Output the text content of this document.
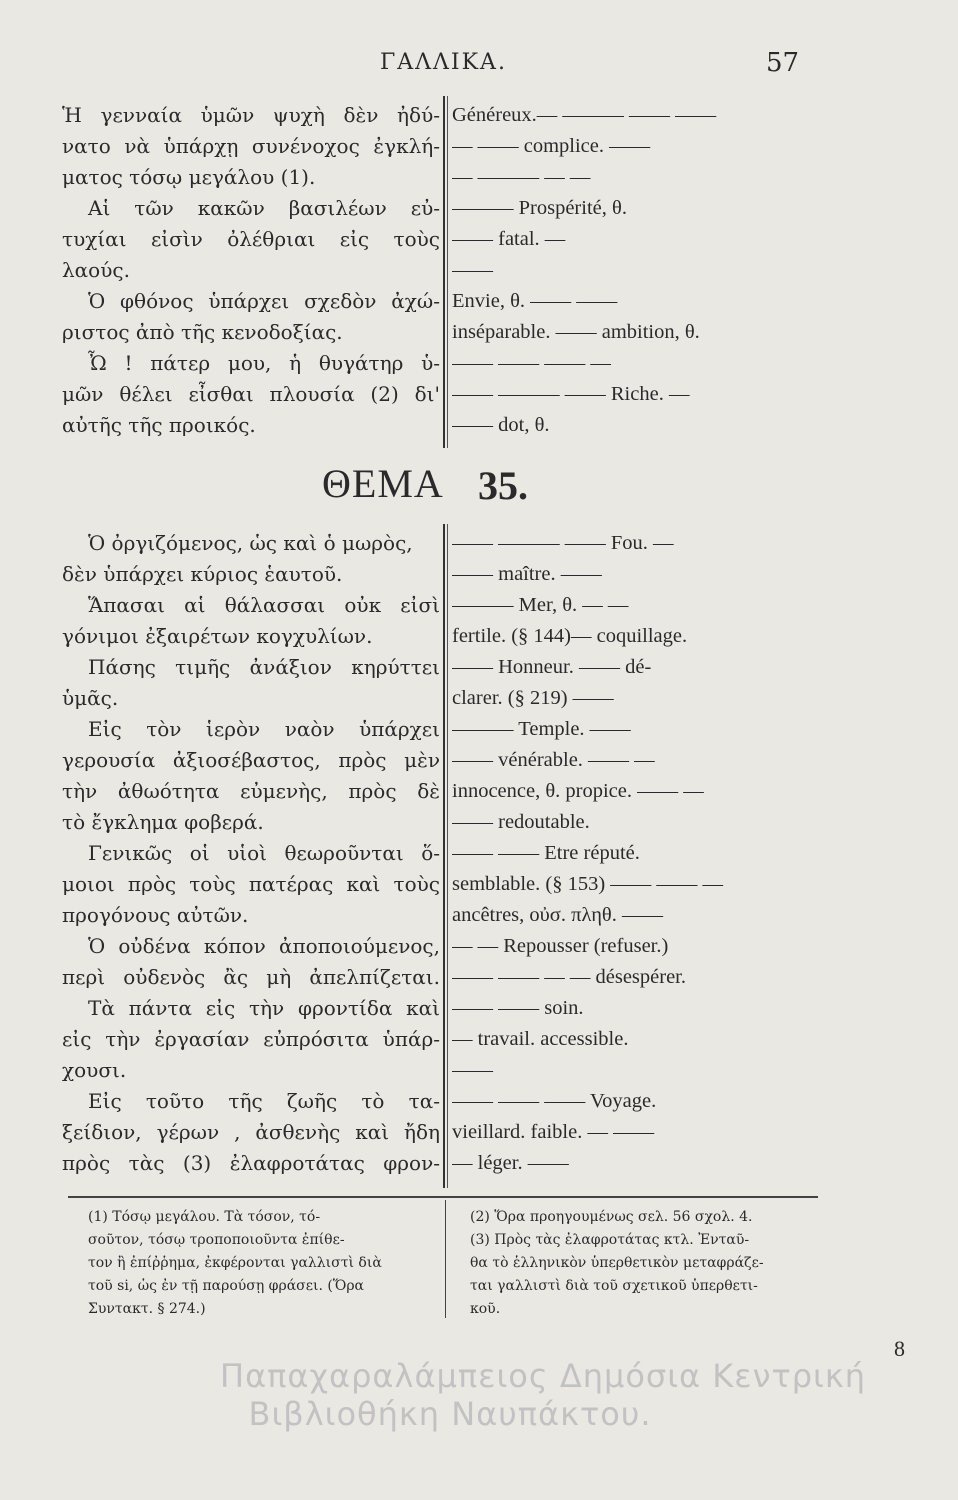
ΓΑΛΛΙΚΑ.	57
Ἡ γενναία ὑμῶν ψυχὴ δὲν ἠδύ-
νατο νὰ ὑπάρχῃ συνένοχος ἐγκλή-
ματος τόσῳ μεγάλου (1).
Αἱ τῶν κακῶν βασιλέων εὐ-
τυχίαι εἰσὶν ὀλέθριαι εἰς τοὺς
λαούς.
Ὁ φθόνος ὑπάρχει σχεδὸν ἀχώ-
ριστος ἀπὸ τῆς κενοδοξίας.
Ὦ ! πάτερ μου, ἡ θυγάτηρ ὑ-
μῶν θέλει εἶσθαι πλουσία (2) δι'
αὐτῆς τῆς προικός.
Généreux.— ——— —— ——
— —— complice. ——
— ——— — —
——— Prospérité, θ.
—— fatal. —
——
Envie, θ. —— ——
inséparable. —— ambition, θ.
—— —— —— —
—— ——— —— Riche. —
—— dot, θ.
ΘΕΜΑ 35.
Ὁ ὀργιζόμενος, ὡς καὶ ὁ μωρὸς,
δὲν ὑπάρχει κύριος ἑαυτοῦ.
Ἅπασαι αἱ θάλασσαι οὐκ εἰσὶ
γόνιμοι ἐξαιρέτων κογχυλίων.
Πάσης τιμῆς ἀνάξιον κηρύττει
ὑμᾶς.
Εἰς τὸν ἱερὸν ναὸν ὑπάρχει
γερουσία ἀξιοσέβαστος, πρὸς μὲν
τὴν ἀθωότητα εὐμενὴς, πρὸς δὲ
τὸ ἔγκλημα φοβερά.
Γενικῶς οἱ υἱοὶ θεωροῦνται ὅ-
μοιοι πρὸς τοὺς πατέρας καὶ τοὺς
προγόνους αὐτῶν.
Ὁ οὐδένα κόπον ἀποποιούμενος,
περὶ οὐδενὸς ἂς μὴ ἀπελπίζεται.
Τὰ πάντα εἰς τὴν φροντίδα καὶ
εἰς τὴν ἐργασίαν εὐπρόσιτα ὑπάρ-
χουσι.
Εἰς τοῦτο τῆς ζωῆς τὸ τα-
ξείδιον, γέρων , ἀσθενὴς καὶ ἤδη
πρὸς τὰς (3) ἐλαφροτάτας φρον-
—— ——— —— Fou. —
—— maître. ——
——— Mer, θ. — —
fertile. (§ 144)— coquillage.
—— Honneur. —— dé-
clarer. (§ 219) ——
——— Temple. ——
—— vénérable. —— —
innocence, θ. propice. —— —
—— redoutable.
—— —— Etre réputé.
semblable. (§ 153) —— —— —
ancêtres, οὐσ. πληθ. ——
— — Repousser (refuser.)
—— —— — — désespérer.
—— —— soin.
— travail. accessible.
——
—— —— —— Voyage.
vieillard. faible. — ——
— léger. ——
(1) Τόσῳ μεγάλου. Τὰ τόσον, τό-
σοῦτον, τόσῳ τροποποιοῦντα ἐπίθε-
τον ἢ ἐπίῤῥημα, ἐκφέρονται γαλλιστὶ διὰ
τοῦ si, ὡς ἐν τῇ παρούσῃ φράσει. (Ὅρα
Συντακτ. § 274.)
(2) Ὅρα προηγουμένως σελ. 56 σχολ. 4.
(3) Πρὸς τὰς ἐλαφροτάτας κτλ. Ἐνταῦ-
θα τὸ ἑλληνικὸν ὑπερθετικὸν μεταφράζε-
ται γαλλιστὶ διὰ τοῦ σχετικοῦ ὑπερθετι-
κοῦ.
8
Παπαχαραλάμπειος Δημόσια Κεντρική
Βιβλιοθήκη Ναυπάκτου.
